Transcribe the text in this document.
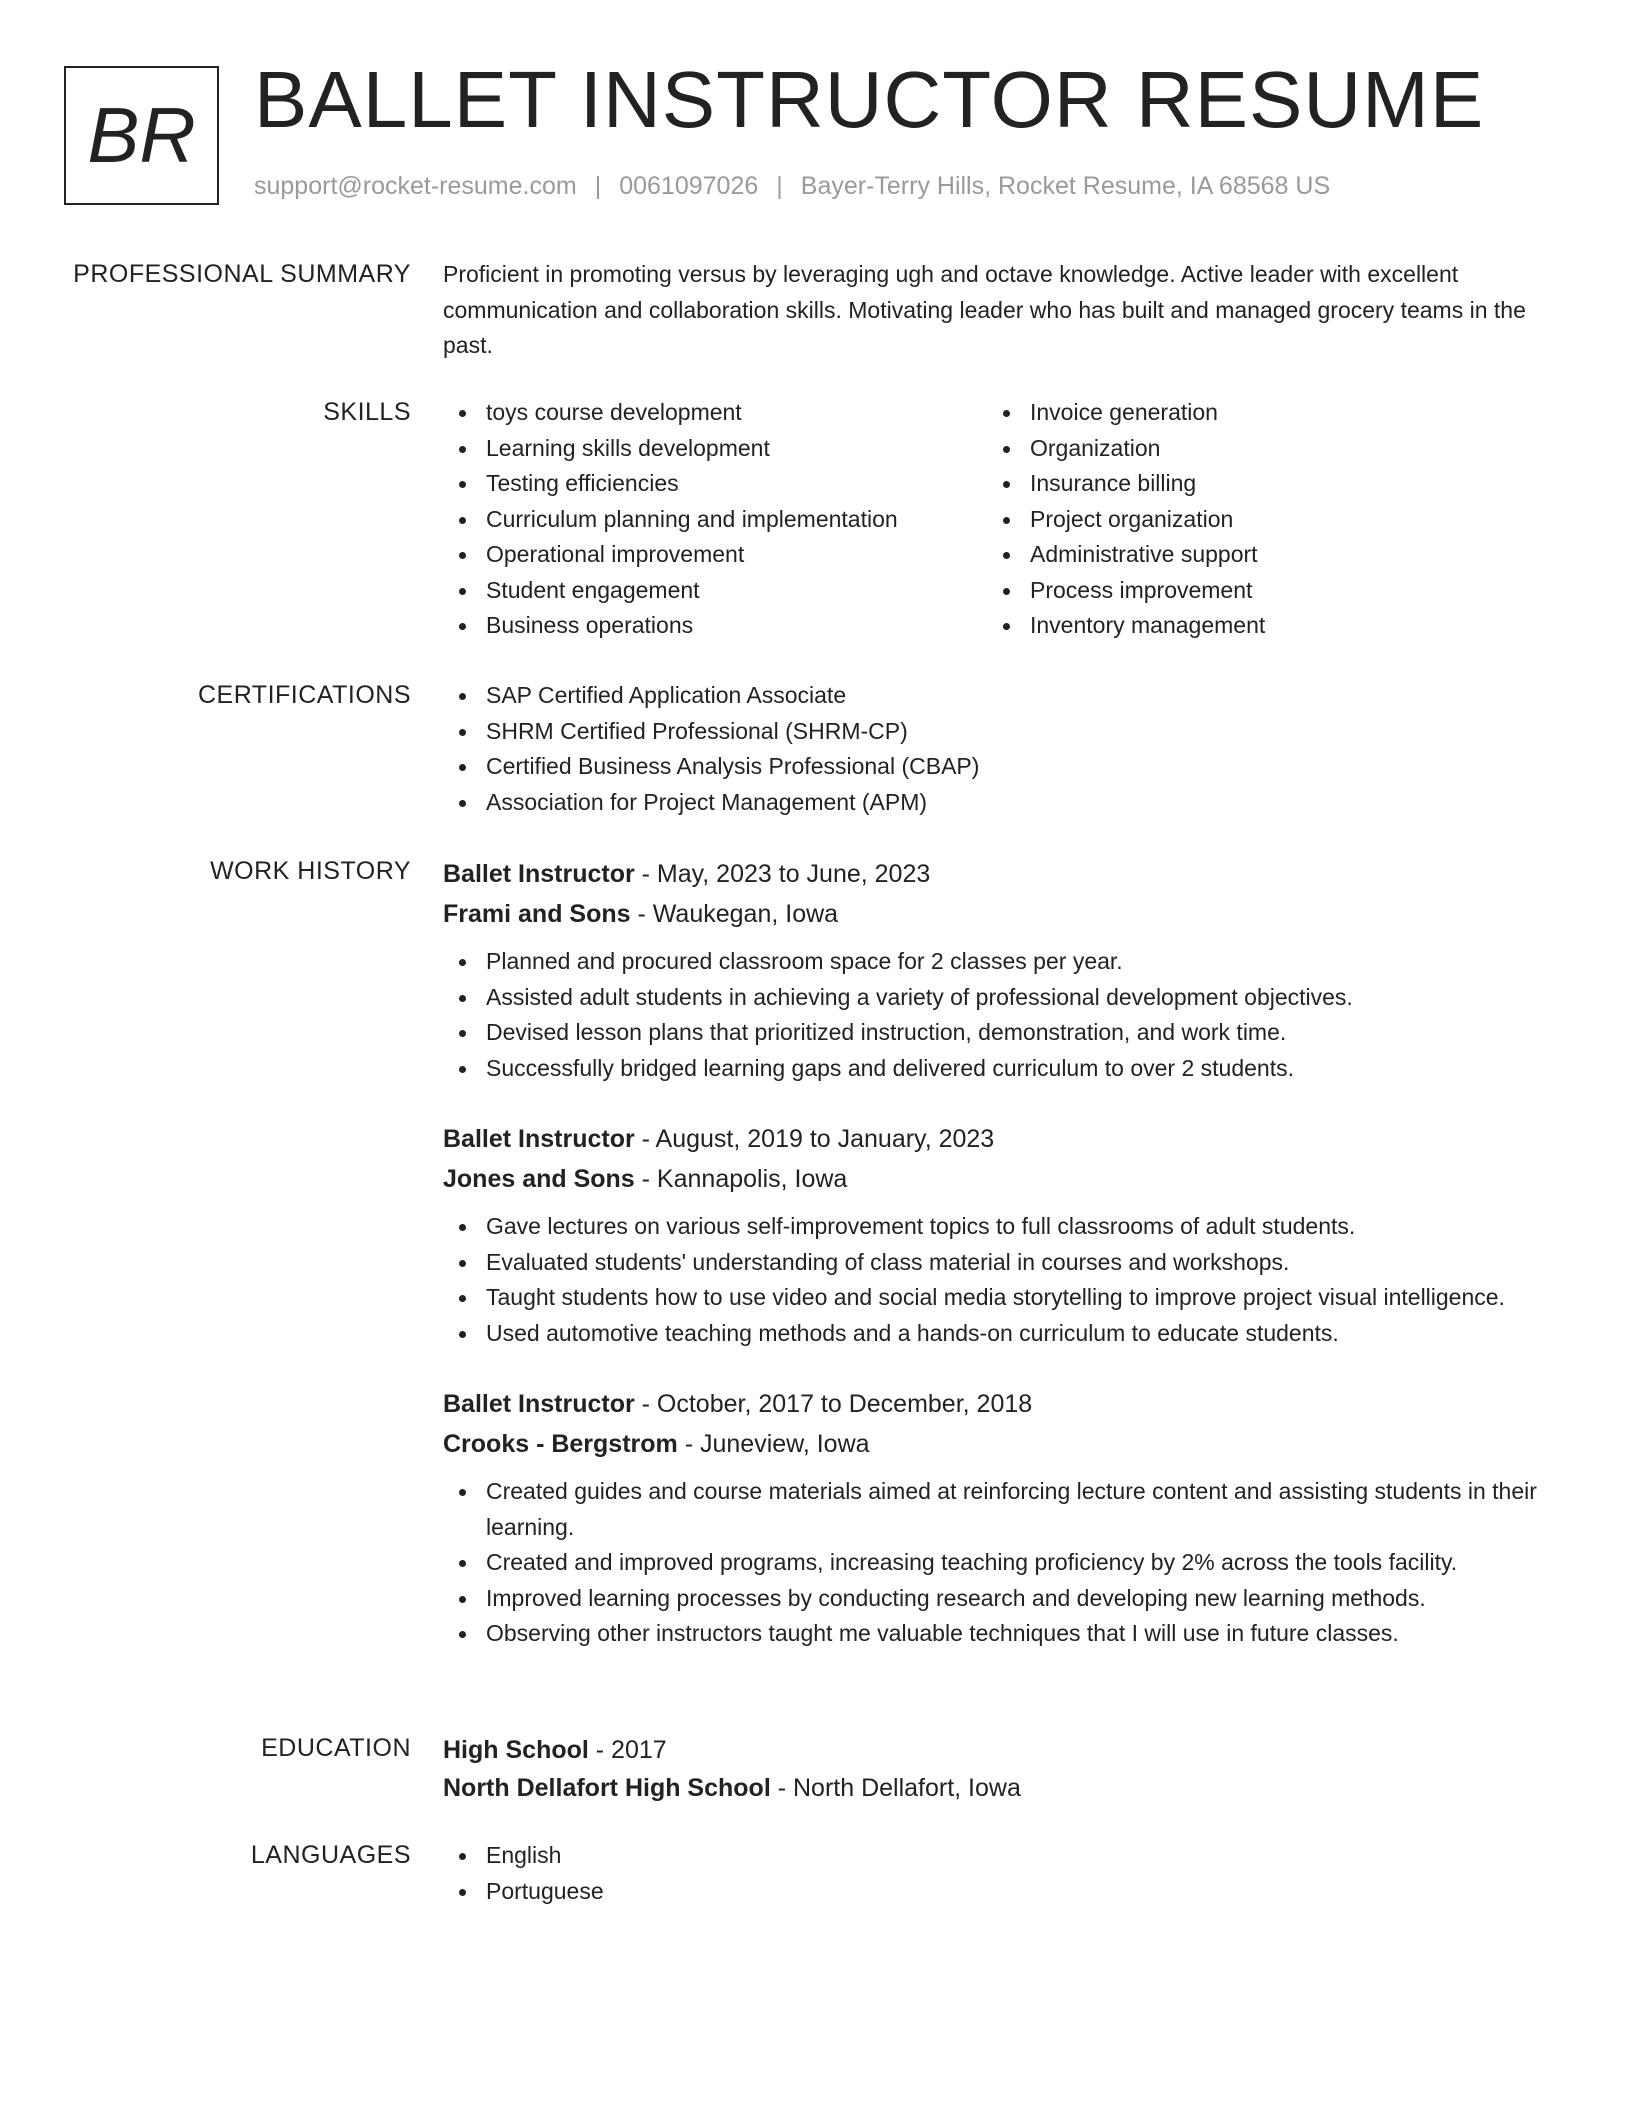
BR BALLET INSTRUCTOR RESUME
support@rocket-resume.com | 0061097026 | Bayer-Terry Hills, Rocket Resume, IA 68568 US
PROFESSIONAL SUMMARY Proficient in promoting versus by leveraging ugh and octave knowledge. Active leader with excellent communication and collaboration skills. Motivating leader who has built and managed grocery teams in the past.

SKILLS	toys course development
Learning skills development
Testing efficiencies
Curriculum planning and implementation
Operational improvement
Student engagement
Business operations
Invoice generation
Organization
Insurance billing
Project organization
Administrative support
Process improvement
Inventory management
CERTIFICATIONS	SAP Certified Application Associate
SHRM Certified Professional (SHRM-CP)
Certified Business Analysis Professional (CBAP)
Association for Project Management (APM)
WORK HISTORY Ballet Instructor - May, 2023 to June, 2023
Frami and Sons - Waukegan, Iowa
Planned and procured classroom space for 2 classes per year.
Assisted adult students in achieving a variety of professional development objectives.
Devised lesson plans that prioritized instruction, demonstration, and work time.
Successfully bridged learning gaps and delivered curriculum to over 2 students.
Ballet Instructor - August, 2019 to January, 2023
Jones and Sons - Kannapolis, Iowa
Gave lectures on various self-improvement topics to full classrooms of adult students.
Evaluated students' understanding of class material in courses and workshops.
Taught students how to use video and social media storytelling to improve project visual intelligence.
Used automotive teaching methods and a hands-on curriculum to educate students.
Ballet Instructor - October, 2017 to December, 2018
Crooks - Bergstrom - Juneview, Iowa
Created guides and course materials aimed at reinforcing lecture content and assisting students in their learning.
Created and improved programs, increasing teaching proficiency by 2% across the tools facility.
Improved learning processes by conducting research and developing new learning methods.
Observing other instructors taught me valuable techniques that I will use in future classes.
EDUCATION High School - 2017
North Dellafort High School - North Dellafort, Iowa
LANGUAGES	English
Portuguese
